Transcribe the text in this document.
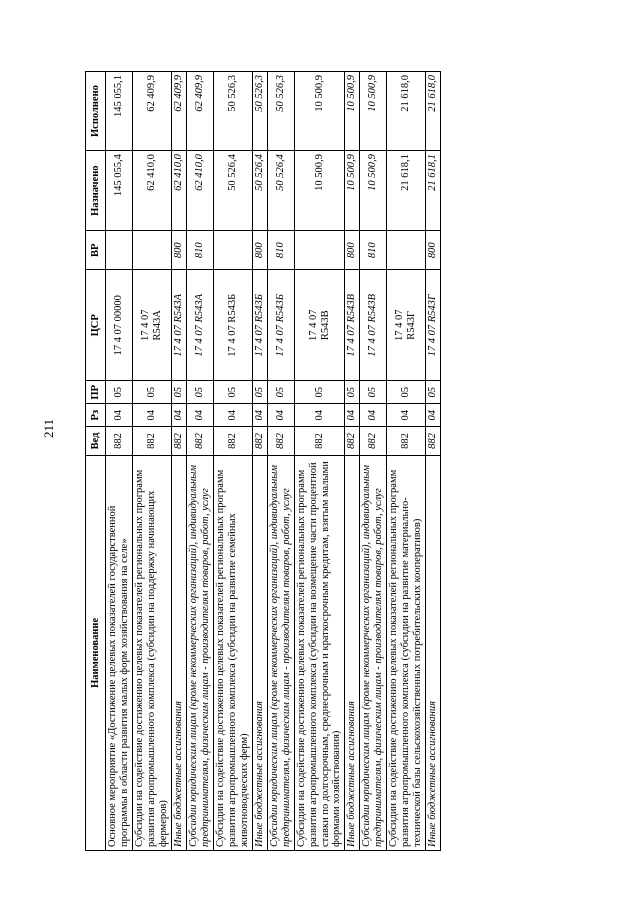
211
Наименование	Вед	Рз	ПР	ЦСР	ВР	Назначено	Исполнено
Основное мероприятие «Достижение целевых показателей государственной программы в области развития малых форм хозяйствования на селе»	882	04	05	17 4 07 00000		145 055,4	145 055,1
Субсидии на содействие достижению целевых показателей региональных программ развития агропромышленного комплекса (субсидии на поддержку начинающих фермеров)	882	04	05	17 4 07 R543А		62 410,0	62 409,9
Иные бюджетные ассигнования	882	04	05	17 4 07 R543А	800	62 410,0	62 409,9
Субсидии юридическим лицам (кроме некоммерческих организаций), индивидуальным предпринимателям, физическим лицам - производителям товаров, работ, услуг	882	04	05	17 4 07 R543А	810	62 410,0	62 409,9
Субсидии на содействие достижению целевых показателей региональных программ развития агропромышленного комплекса (субсидии на развитие семейных животноводческих ферм)	882	04	05	17 4 07 R543Б		50 526,4	50 526,3
Иные бюджетные ассигнования	882	04	05	17 4 07 R543Б	800	50 526,4	50 526,3
Субсидии юридическим лицам (кроме некоммерческих организаций), индивидуальным предпринимателям, физическим лицам - производителям товаров, работ, услуг	882	04	05	17 4 07 R543Б	810	50 526,4	50 526,3
Субсидии на содействие достижению целевых показателей региональных программ развития агропромышленного комплекса (субсидии на возмещение части процентной ставки по долгосрочным, среднесрочным и краткосрочным кредитам, взятым малыми формами хозяйствования)	882	04	05	17 4 07 R543В		10 500,9	10 500,9
Иные бюджетные ассигнования	882	04	05	17 4 07 R543В	800	10 500,9	10 500,9
Субсидии юридическим лицам (кроме некоммерческих организаций), индивидуальным предпринимателям, физическим лицам - производителям товаров, работ, услуг	882	04	05	17 4 07 R543В	810	10 500,9	10 500,9
Субсидии на содействие достижению целевых показателей региональных программ развития агропромышленного комплекса (субсидии на развитие материально-технической базы сельскохозяйственных потребительских кооперативов)	882	04	05	17 4 07 R543Г		21 618,1	21 618,0
Иные бюджетные ассигнования	882	04	05	17 4 07 R543Г	800	21 618,1	21 618,0
